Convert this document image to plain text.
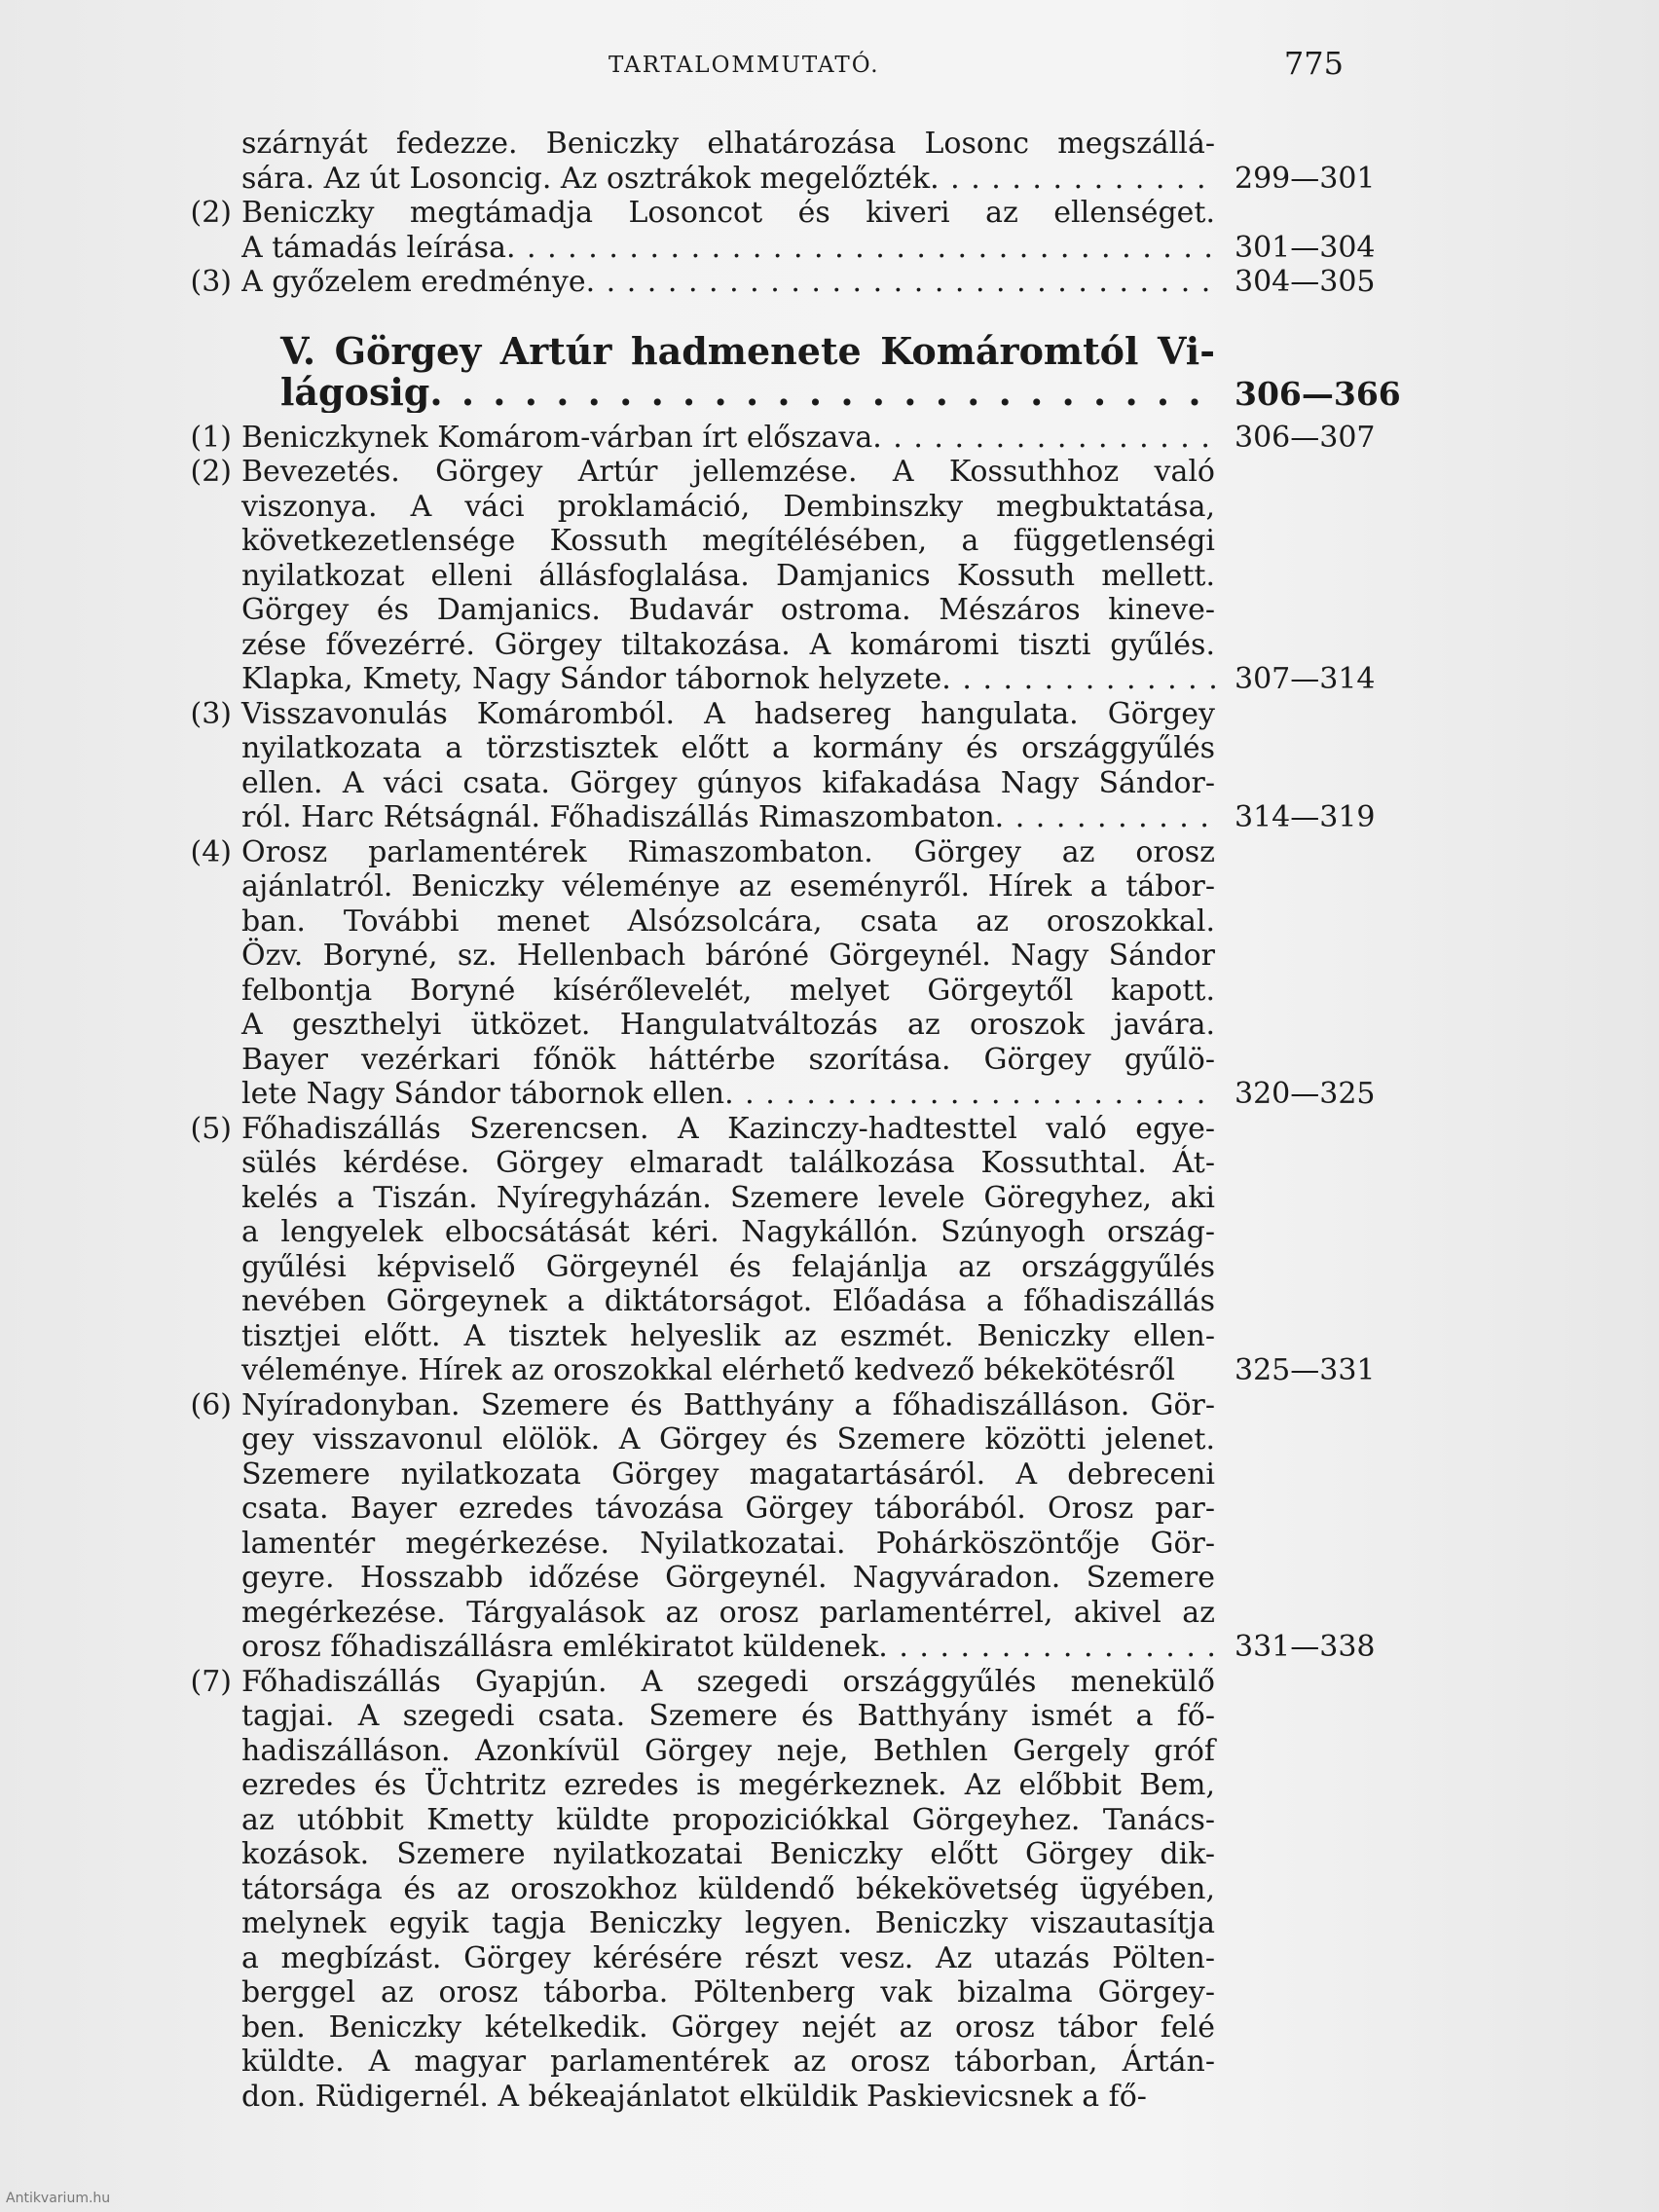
TARTALOMMUTATÓ.	775
szárnyát fedezze. Beniczky elhatározása Losonc megszállá-
sára. Az út Losoncig. Az osztrákok megelőzték . . .	299—301
(2) Beniczky megtámadja Losoncot és kiveri az ellenséget.
A támadás leírása . . .	301—304
(3) A győzelem eredménye . . .	304—305
V. Görgey Artúr hadmenete Komáromtól Vi-
lágosig . . .	306—366
(1) Beniczkynek Komárom-várban írt előszava . . .	306—307
(2) Bevezetés. Görgey Artúr jellemzése. A Kossuthhoz való
viszonya. A váci proklamáció, Dembinszky megbuktatása,
következetlensége Kossuth megítélésében, a függetlenségi
nyilatkozat elleni állásfoglalása. Damjanics Kossuth mellett.
Görgey és Damjanics. Budavár ostroma. Mészáros kineve-
zése fővezérré. Görgey tiltakozása. A komáromi tiszti gyűlés.
Klapka, Kmety, Nagy Sándor tábornok helyzete . . .	307—314
(3) Visszavonulás Komáromból. A hadsereg hangulata. Görgey
nyilatkozata a törzstisztek előtt a kormány és országgyűlés
ellen. A váci csata. Görgey gúnyos kifakadása Nagy Sándor-
ról. Harc Rétságnál. Főhadiszállás Rimaszombaton . . .	314—319
(4) Orosz parlamentérek Rimaszombaton. Görgey az orosz
ajánlatról. Beniczky véleménye az eseményről. Hírek a tábor-
ban. További menet Alsózsolcára, csata az oroszokkal.
Özv. Boryné, sz. Hellenbach báróné Görgeynél. Nagy Sándor
felbontja Boryné kísérőlevelét, melyet Görgeytől kapott.
A geszthelyi ütközet. Hangulatváltozás az oroszok javára.
Bayer vezérkari főnök háttérbe szorítása. Görgey gyűlö-
lete Nagy Sándor tábornok ellen . . .	320—325
(5) Főhadiszállás Szerencsen. A Kazinczy-hadtesttel való egye-
sülés kérdése. Görgey elmaradt találkozása Kossuthtal. Át-
kelés a Tiszán. Nyíregyházán. Szemere levele Göregyhez, aki
a lengyelek elbocsátását kéri. Nagykállón. Szúnyogh ország-
gyűlési képviselő Görgeynél és felajánlja az országgyűlés
nevében Görgeynek a diktátorságot. Előadása a főhadiszállás
tisztjei előtt. A tisztek helyeslik az eszmét. Beniczky ellen-
véleménye. Hírek az oroszokkal elérhető kedvező békekötésről	325—331
(6) Nyíradonyban. Szemere és Batthyány a főhadiszálláson. Gör-
gey visszavonul elölök. A Görgey és Szemere közötti jelenet.
Szemere nyilatkozata Görgey magatartásáról. A debreceni
csata. Bayer ezredes távozása Görgey táborából. Orosz par-
lamentér megérkezése. Nyilatkozatai. Pohárköszöntője Gör-
geyre. Hosszabb időzése Görgeynél. Nagyváradon. Szemere
megérkezése. Tárgyalások az orosz parlamentérrel, akivel az
orosz főhadiszállásra emlékiratot küldenek . . .	331—338
(7) Főhadiszállás Gyapjún. A szegedi országgyűlés menekülő
tagjai. A szegedi csata. Szemere és Batthyány ismét a fő-
hadiszálláson. Azonkívül Görgey neje, Bethlen Gergely gróf
ezredes és Üchtritz ezredes is megérkeznek. Az előbbit Bem,
az utóbbit Kmetty küldte propoziciókkal Görgeyhez. Tanács-
kozások. Szemere nyilatkozatai Beniczky előtt Görgey dik-
tátorsága és az oroszokhoz küldendő békekövetség ügyében,
melynek egyik tagja Beniczky legyen. Beniczky viszautasítja
a megbízást. Görgey kérésére részt vesz. Az utazás Pölten-
berggel az orosz táborba. Pöltenberg vak bizalma Görgey-
ben. Beniczky kételkedik. Görgey nejét az orosz tábor felé
küldte. A magyar parlamentérek az orosz táborban, Ártán-
don. Rüdigernél. A békeajánlatot elküldik Paskievicsnek a fő-
Antikvarium.hu
